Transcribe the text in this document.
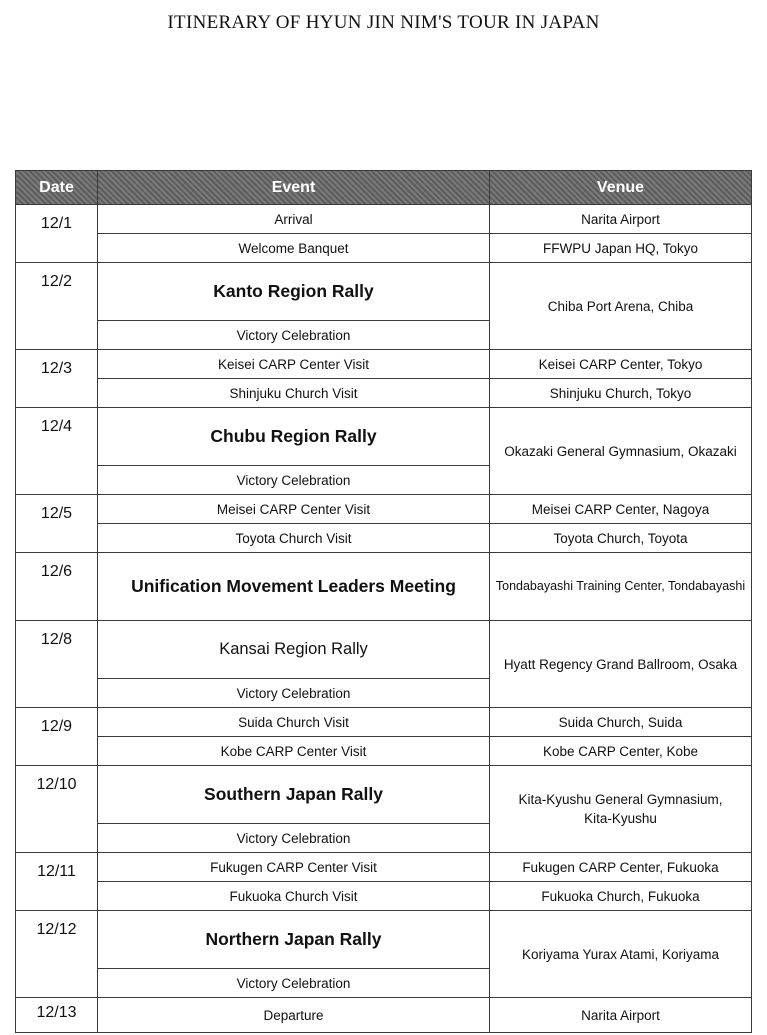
ITINERARY OF HYUN JIN NIM'S TOUR IN JAPAN
Date	Event	Venue
12/1	Arrival	Narita Airport
	Welcome Banquet	FFWPU Japan HQ, Tokyo
12/2	Kanto Region Rally	Chiba Port Arena, Chiba
	Victory Celebration	
12/3	Keisei CARP Center Visit	Keisei CARP Center, Tokyo
	Shinjuku Church Visit	Shinjuku Church, Tokyo
12/4	Chubu Region Rally	Okazaki General Gymnasium, Okazaki
	Victory Celebration	
12/5	Meisei CARP Center Visit	Meisei CARP Center, Nagoya
	Toyota Church Visit	Toyota Church, Toyota
12/6	Unification Movement Leaders Meeting	Tondabayashi Training Center, Tondabayashi
12/8	Kansai Region Rally	Hyatt Regency Grand Ballroom, Osaka
	Victory Celebration	
12/9	Suida Church Visit	Suida Church, Suida
	Kobe CARP Center Visit	Kobe CARP Center, Kobe
12/10	Southern Japan Rally	Kita-Kyushu General Gymnasium,
Kita-Kyushu
	Victory Celebration	
12/11	Fukugen CARP Center Visit	Fukugen CARP Center, Fukuoka
	Fukuoka Church Visit	Fukuoka Church, Fukuoka
12/12	Northern Japan Rally	Koriyama Yurax Atami, Koriyama
	Victory Celebration	
12/13	Departure	Narita Airport
